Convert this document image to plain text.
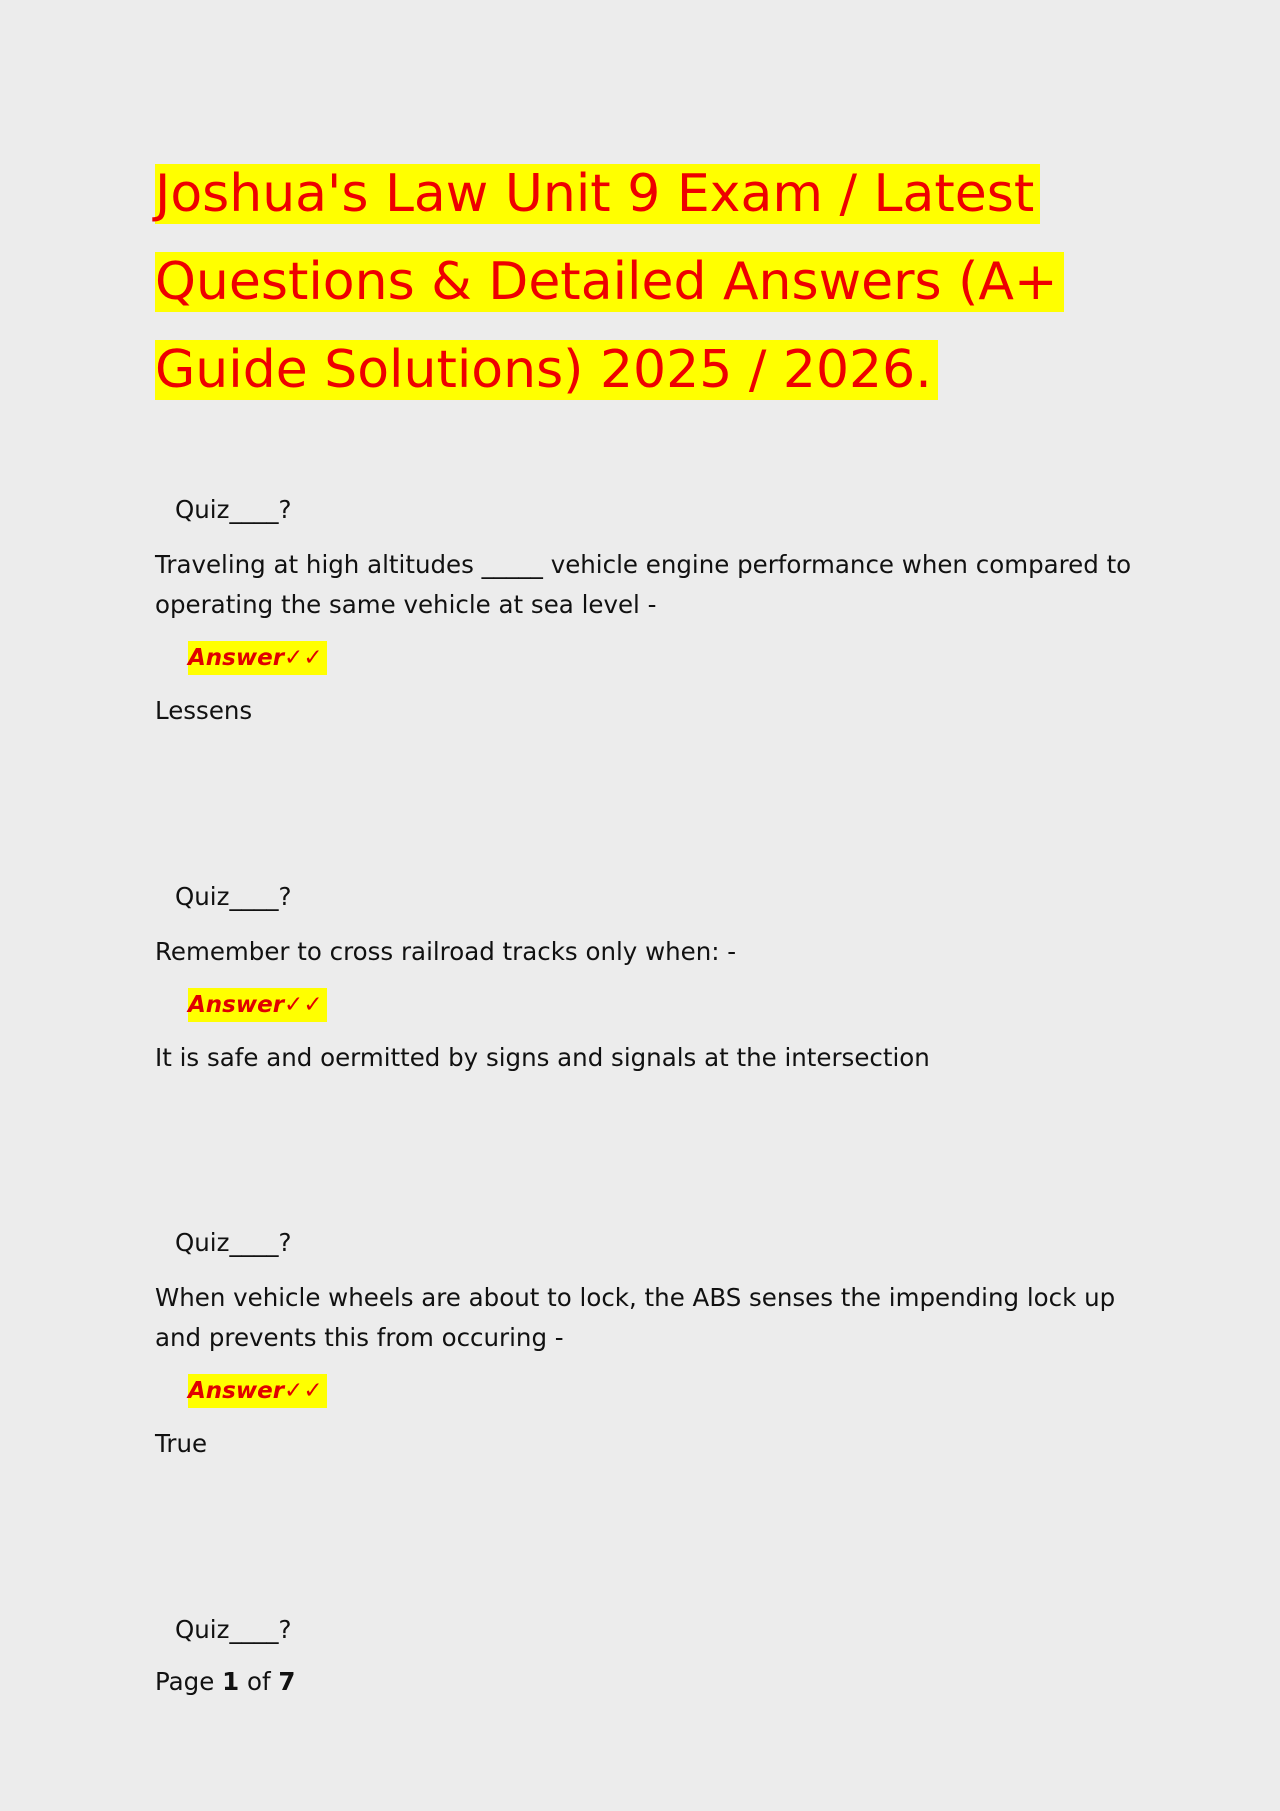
Joshua's Law Unit 9 Exam / Latest
Questions & Detailed Answers (A+
Guide Solutions) 2025 / 2026.
Quiz____?
Traveling at high altitudes _____ vehicle engine performance when compared to operating the same vehicle at sea level -
Answer✓✓
Lessens
Quiz____?
Remember to cross railroad tracks only when: -
Answer✓✓
It is safe and oermitted by signs and signals at the intersection
Quiz____?
When vehicle wheels are about to lock, the ABS senses the impending lock up and prevents this from occuring -
Answer✓✓
True
Quiz____?
Page 1 of 7
